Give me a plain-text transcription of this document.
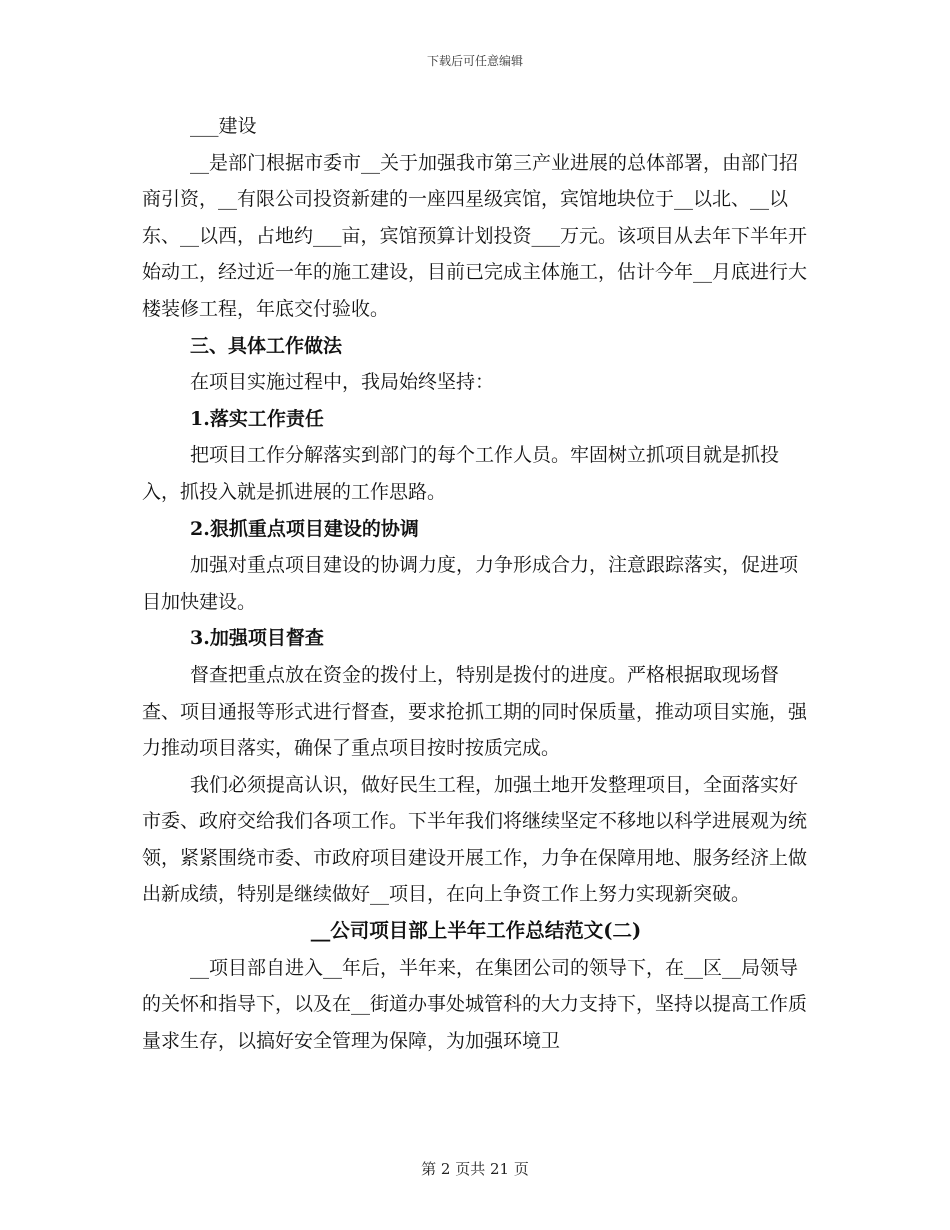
下载后可任意编辑

___建设

__是部门根据市委市__关于加强我市第三产业进展的总体部署，由部门招商引资，__有限公司投资新建的一座四星级宾馆，宾馆地块位于__以北、__以东、__以西，占地约___亩，宾馆预算计划投资___万元。该项目从去年下半年开始动工，经过近一年的施工建设，目前已完成主体施工，估计今年__月底进行大楼装修工程，年底交付验收。

三、具体工作做法

在项目实施过程中，我局始终坚持：

1.落实工作责任

把项目工作分解落实到部门的每个工作人员。牢固树立抓项目就是抓投入，抓投入就是抓进展的工作思路。

2.狠抓重点项目建设的协调

加强对重点项目建设的协调力度，力争形成合力，注意跟踪落实，促进项目加快建设。

3.加强项目督查

督查把重点放在资金的拨付上，特别是拨付的进度。严格根据取现场督查、项目通报等形式进行督查，要求抢抓工期的同时保质量，推动项目实施，强力推动项目落实，确保了重点项目按时按质完成。

我们必须提高认识，做好民生工程，加强土地开发整理项目，全面落实好市委、政府交给我们各项工作。下半年我们将继续坚定不移地以科学进展观为统领，紧紧围绕市委、市政府项目建设开展工作，力争在保障用地、服务经济上做出新成绩，特别是继续做好__项目，在向上争资工作上努力实现新突破。

__公司项目部上半年工作总结范文(二)

__项目部自进入__年后，半年来，在集团公司的领导下，在__区__局领导的关怀和指导下，以及在__街道办事处城管科的大力支持下，坚持以提高工作质量求生存，以搞好安全管理为保障，为加强环境卫

第 2 页共 21 页
